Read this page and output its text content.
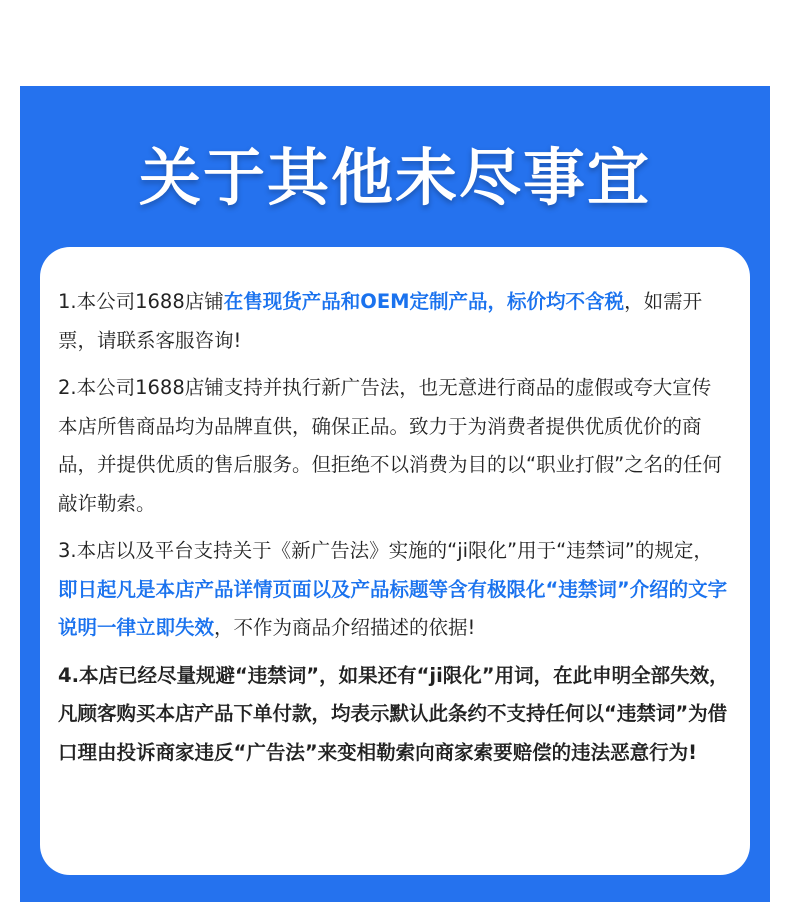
关于其他未尽事宜

1.本公司1688店铺在售现货产品和OEM定制产品，标价均不含税，如需开票，请联系客服咨询!

2.本公司1688店铺支持并执行新广告法，也无意进行商品的虚假或夸大宣传本店所售商品均为品牌直供，确保正品。致力于为消费者提供优质优价的商品，并提供优质的售后服务。但拒绝不以消费为目的以“职业打假”之名的任何敲诈勒索。

3.本店以及平台支持关于《新广告法》实施的“ji限化”用于“违禁词”的规定，即日起凡是本店产品详情页面以及产品标题等含有极限化“违禁词”介绍的文字说明一律立即失效，不作为商品介绍描述的依据!

4.本店已经尽量规避“违禁词”，如果还有“ji限化”用词，在此申明全部失效，凡顾客购买本店产品下单付款，均表示默认此条约不支持任何以“违禁词”为借口理由投诉商家违反“广告法”来变相勒索向商家索要赔偿的违法恶意行为!
